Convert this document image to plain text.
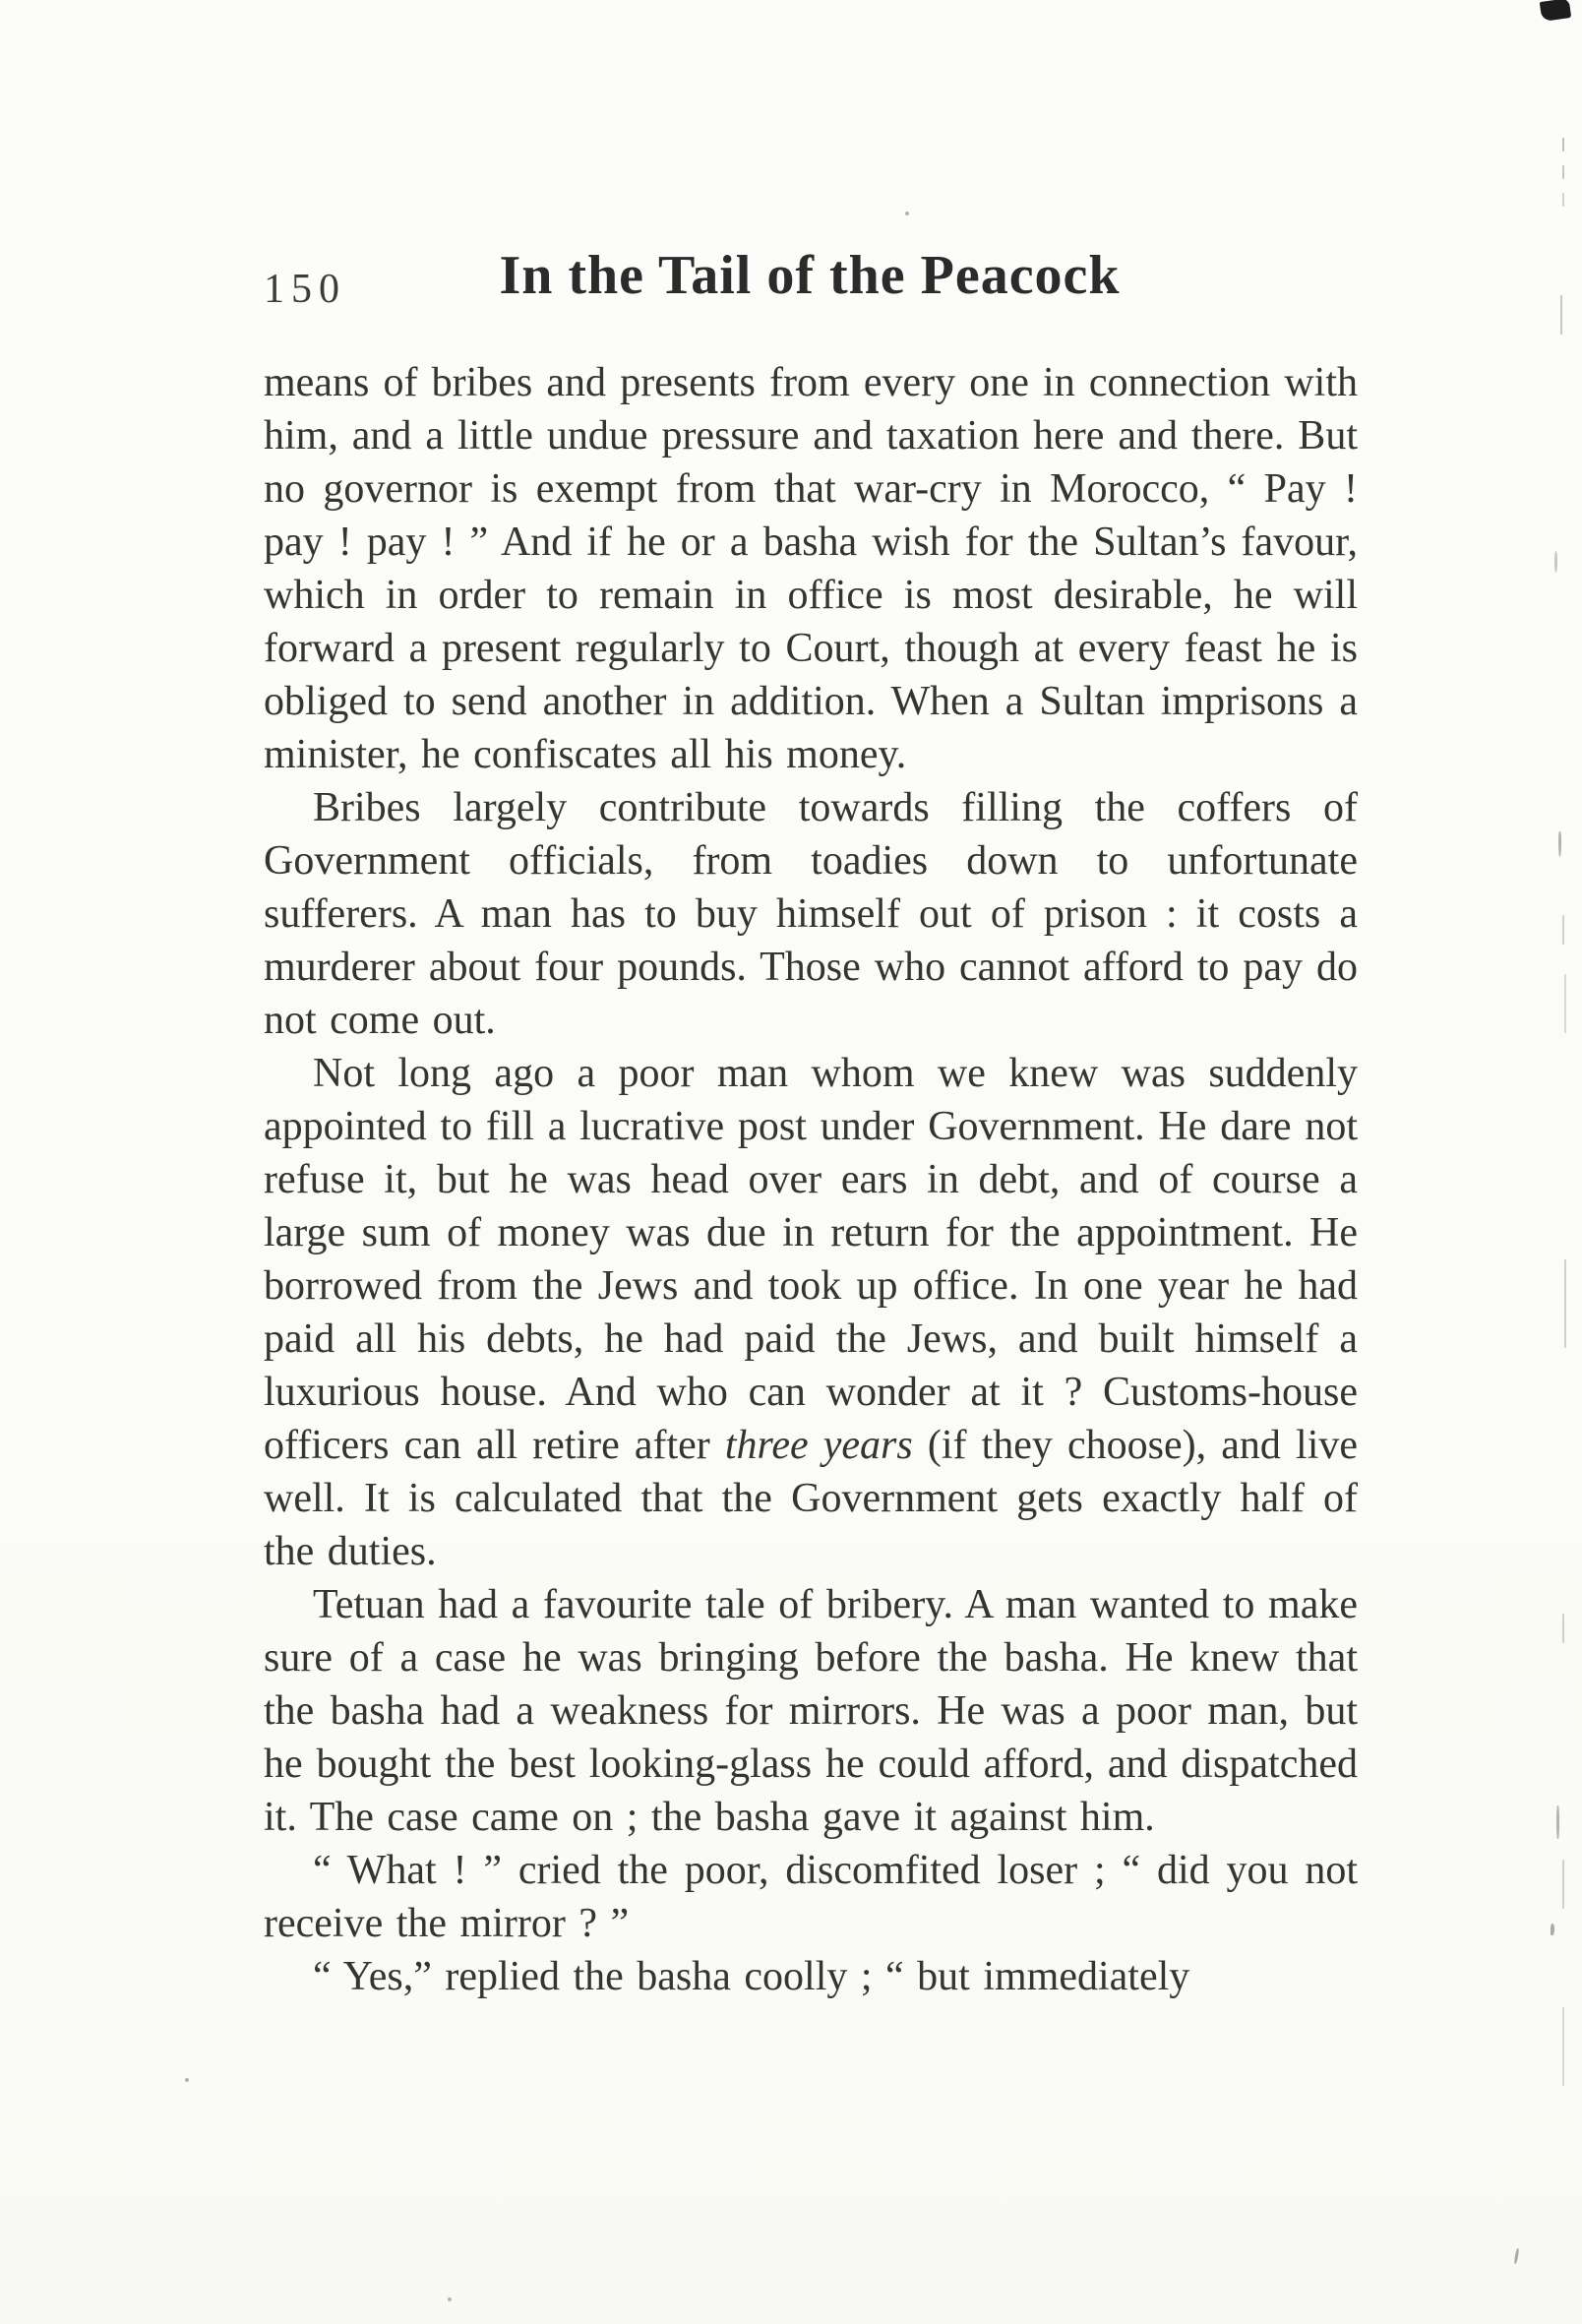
150	In the Tail of the Peacock

means of bribes and presents from every one in connection with him, and a little undue pressure and taxation here and there. But no governor is exempt from that war-cry in Morocco, “ Pay ! pay ! pay ! ” And if he or a basha wish for the Sultan’s favour, which in order to remain in office is most desirable, he will forward a present regularly to Court, though at every feast he is obliged to send another in addition. When a Sultan imprisons a minister, he confiscates all his money.

Bribes largely contribute towards filling the coffers of Government officials, from toadies down to unfortunate sufferers. A man has to buy himself out of prison : it costs a murderer about four pounds. Those who cannot afford to pay do not come out.

Not long ago a poor man whom we knew was suddenly appointed to fill a lucrative post under Government. He dare not refuse it, but he was head over ears in debt, and of course a large sum of money was due in return for the appointment. He borrowed from the Jews and took up office. In one year he had paid all his debts, he had paid the Jews, and built himself a luxurious house. And who can wonder at it ? Customs-house officers can all retire after three years (if they choose), and live well. It is calculated that the Government gets exactly half of the duties.

Tetuan had a favourite tale of bribery. A man wanted to make sure of a case he was bringing before the basha. He knew that the basha had a weakness for mirrors. He was a poor man, but he bought the best looking-glass he could afford, and dispatched it. The case came on ; the basha gave it against him.

“ What ! ” cried the poor, discomfited loser ; “ did you not receive the mirror ? ”

“ Yes,” replied the basha coolly ; “ but immediately
